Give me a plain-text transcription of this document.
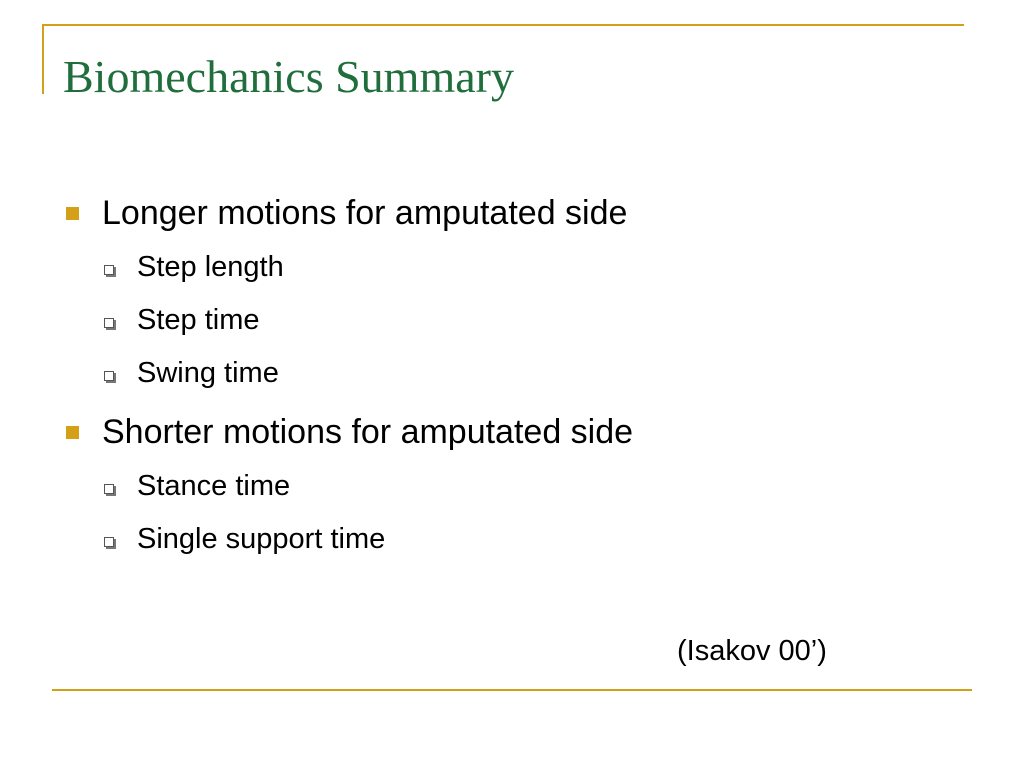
Biomechanics Summary
Longer motions for amputated side
Step length
Step time
Swing time
Shorter motions for amputated side
Stance time
Single support time
(Isakov 00’)
